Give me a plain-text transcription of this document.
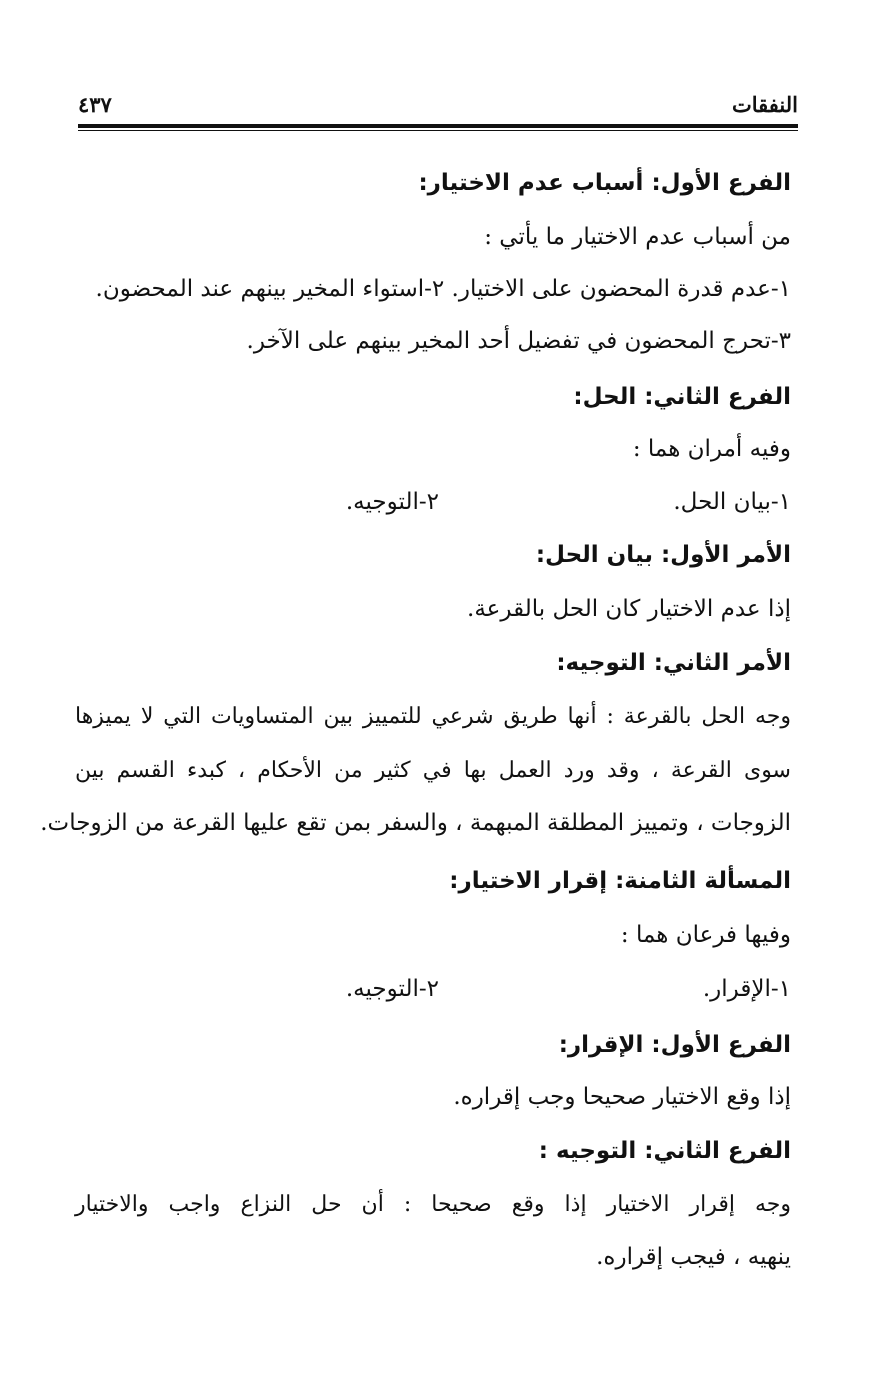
النفقات
٤٣٧
الفرع الأول: أسباب عدم الاختيار:
من أسباب عدم الاختيار ما يأتي :
١-عدم قدرة المحضون على الاختيار. ٢-استواء المخير بينهم عند المحضون.
٣-تحرج المحضون في تفضيل أحد المخير بينهم على الآخر.
الفرع الثاني: الحل:
وفيه أمران هما :
١-بيان الحل.
٢-التوجيه.
الأمر الأول: بيان الحل:
إذا عدم الاختيار كان الحل بالقرعة.
الأمر الثاني: التوجيه:
وجه الحل بالقرعة : أنها طريق شرعي للتمييز بين المتساويات التي لا يميزها
سوى القرعة ، وقد ورد العمل بها في كثير من الأحكام ، كبدء القسم بين
الزوجات ، وتمييز المطلقة المبهمة ، والسفر بمن تقع عليها القرعة من الزوجات.
المسألة الثامنة: إقرار الاختيار:
وفيها فرعان هما :
١-الإقرار.
٢-التوجيه.
الفرع الأول: الإقرار:
إذا وقع الاختيار صحيحا وجب إقراره.
الفرع الثاني: التوجيه :
وجه إقرار الاختيار إذا وقع صحيحا : أن حل النزاع واجب والاختيار
ينهيه ، فيجب إقراره.
